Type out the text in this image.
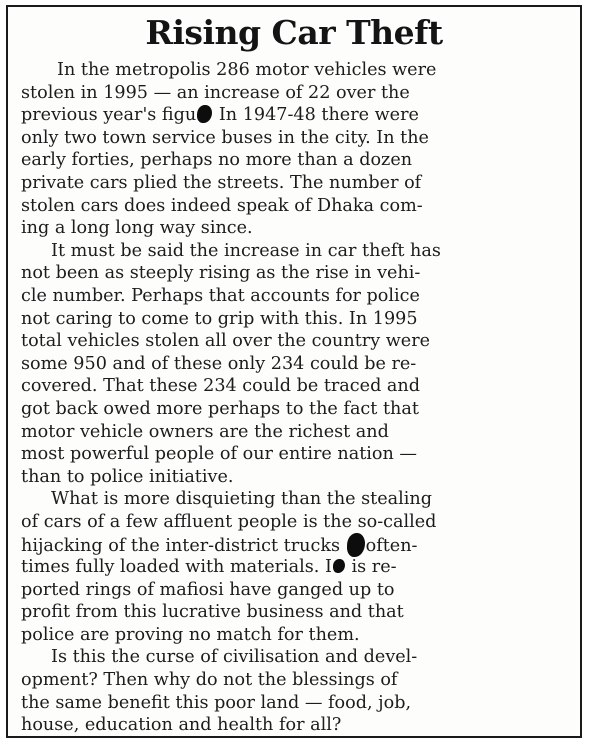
Rising Car Theft
In the metropolis 286 motor vehicles were
stolen in 1995 — an increase of 22 over the
previous year's figu In 1947-48 there were
only two town service buses in the city. In the
early forties, perhaps no more than a dozen
private cars plied the streets. The number of
stolen cars does indeed speak of Dhaka com-
ing a long long way since.
It must be said the increase in car theft has
not been as steeply rising as the rise in vehi-
cle number. Perhaps that accounts for police
not caring to come to grip with this. In 1995
total vehicles stolen all over the country were
some 950 and of these only 234 could be re-
covered. That these 234 could be traced and
got back owed more perhaps to the fact that
motor vehicle owners are the richest and
most powerful people of our entire nation —
than to police initiative.
What is more disquieting than the stealing
of cars of a few affluent people is the so-called
hijacking of the inter-district trucks often-
times fully loaded with materials. I is re-
ported rings of mafiosi have ganged up to
profit from this lucrative business and that
police are proving no match for them.
Is this the curse of civilisation and devel-
opment? Then why do not the blessings of
the same benefit this poor land — food, job,
house, education and health for all?
